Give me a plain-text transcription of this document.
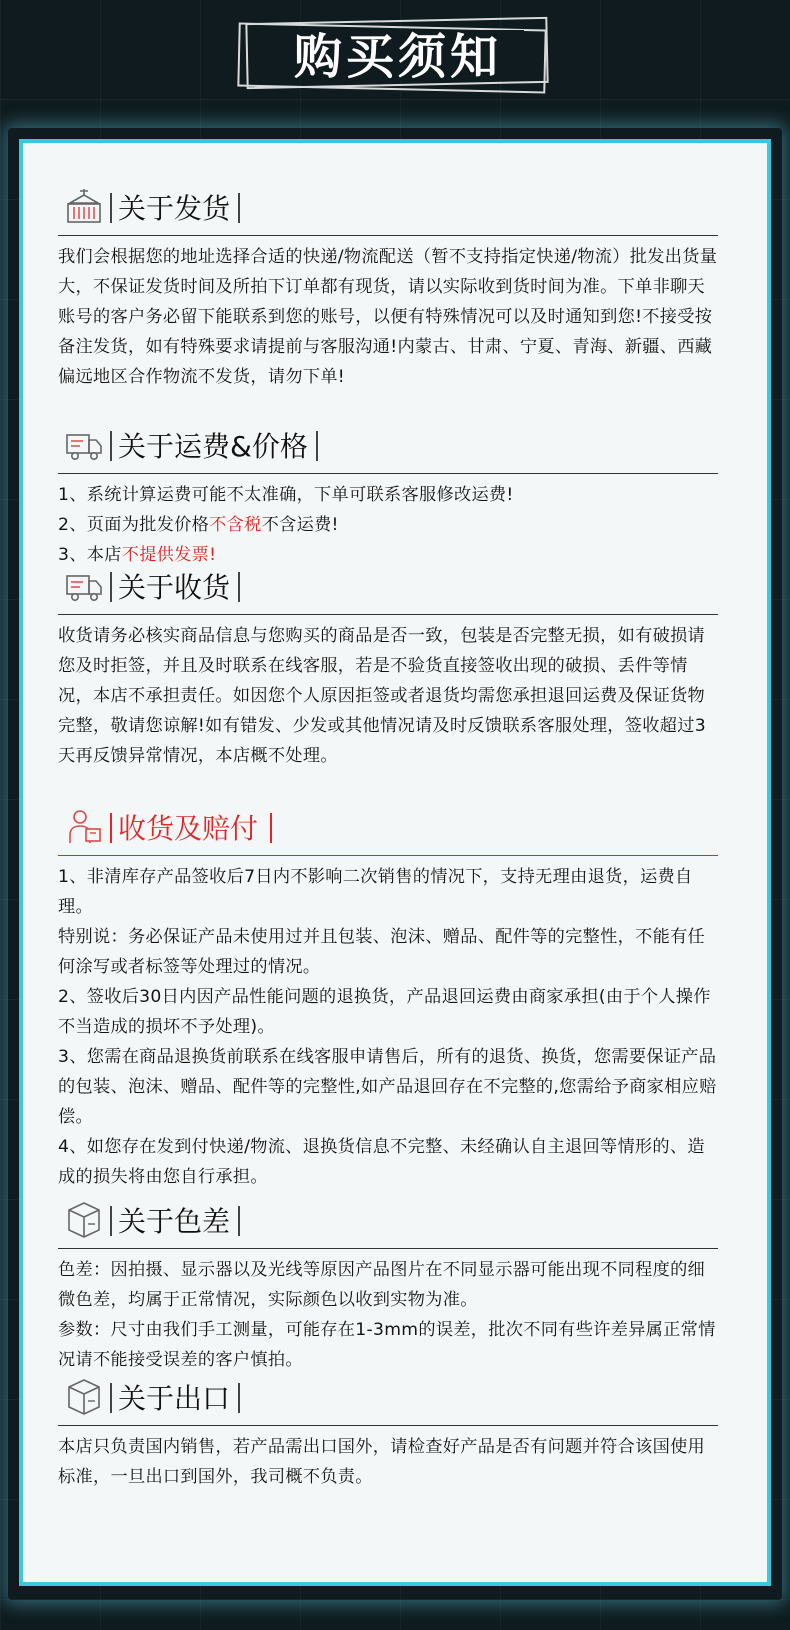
购买须知
关于发货

我们会根据您的地址选择合适的快递/物流配送（暂不支持指定快递/物流）批发出货量大，不保证发货时间及所拍下订单都有现货，请以实际收到货时间为准。下单非聊天账号的客户务必留下能联系到您的账号，以便有特殊情况可以及时通知到您!不接受按备注发货，如有特殊要求请提前与客服沟通!内蒙古、甘肃、宁夏、青海、新疆、西藏偏远地区合作物流不发货，请勿下单!

关于运费&价格

1、系统计算运费可能不太准确，下单可联系客服修改运费!

2、页面为批发价格不含税不含运费!

3、本店不提供发票!

关于收货

收货请务必核实商品信息与您购买的商品是否一致，包装是否完整无损，如有破损请您及时拒签，并且及时联系在线客服，若是不验货直接签收出现的破损、丢件等情况，本店不承担责任。如因您个人原因拒签或者退货均需您承担退回运费及保证货物完整，敬请您谅解!如有错发、少发或其他情况请及时反馈联系客服处理，签收超过3天再反馈异常情况，本店概不处理。

收货及赔付

1、非清库存产品签收后7日内不影响二次销售的情况下，支持无理由退货，运费自理。

特别说：务必保证产品未使用过并且包装、泡沫、赠品、配件等的完整性，不能有任何涂写或者标签等处理过的情况。

2、签收后30日内因产品性能问题的退换货，产品退回运费由商家承担(由于个人操作不当造成的损坏不予处理)。

3、您需在商品退换货前联系在线客服申请售后，所有的退货、换货，您需要保证产品的包装、泡沫、赠品、配件等的完整性,如产品退回存在不完整的,您需给予商家相应赔偿。

4、如您存在发到付快递/物流、退换货信息不完整、未经确认自主退回等情形的、造成的损失将由您自行承担。

关于色差

色差：因拍摄、显示器以及光线等原因产品图片在不同显示器可能出现不同程度的细微色差，均属于正常情况，实际颜色以收到实物为准。

参数：尺寸由我们手工测量，可能存在1-3mm的误差，批次不同有些许差异属正常情况请不能接受误差的客户慎拍。

关于出口

本店只负责国内销售，若产品需出口国外，请检查好产品是否有问题并符合该国使用标准，一旦出口到国外，我司概不负责。
